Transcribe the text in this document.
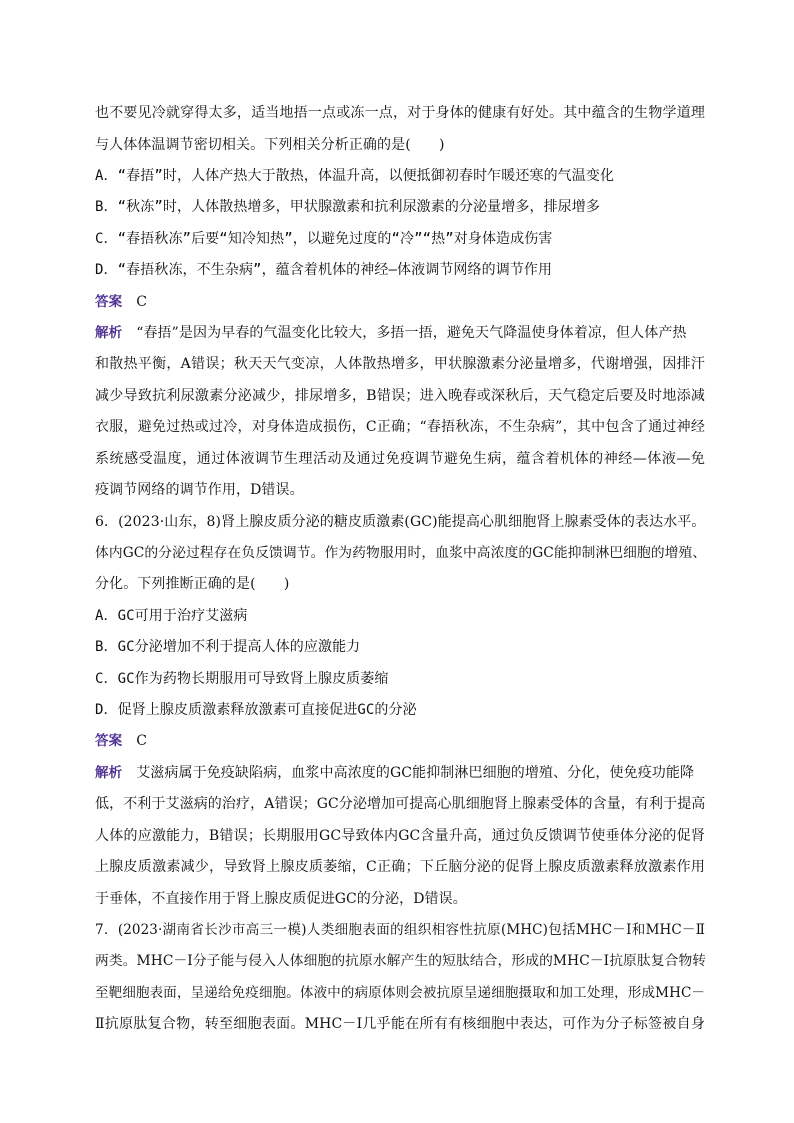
也不要见冷就穿得太多，适当地捂一点或冻一点，对于身体的健康有好处。其中蕴含的生物学道理
与人体体温调节密切相关。下列相关分析正确的是(　　)
A．“春捂”时，人体产热大于散热，体温升高，以便抵御初春时乍暖还寒的气温变化
B．“秋冻”时，人体散热增多，甲状腺激素和抗利尿激素的分泌量增多，排尿增多
C．“春捂秋冻”后要“知冷知热”，以避免过度的“冷”“热”对身体造成伤害
D．“春捂秋冻，不生杂病”，蕴含着机体的神经—体液调节网络的调节作用
答案 C
解析 “春捂”是因为早春的气温变化比较大，多捂一捂，避免天气降温使身体着凉，但人体产热
和散热平衡，A错误；秋天天气变凉，人体散热增多，甲状腺激素分泌量增多，代谢增强，因排汗
减少导致抗利尿激素分泌减少，排尿增多，B错误；进入晚春或深秋后，天气稳定后要及时地添减
衣服，避免过热或过冷，对身体造成损伤，C正确；“春捂秋冻，不生杂病”，其中包含了通过神经
系统感受温度，通过体液调节生理活动及通过免疫调节避免生病，蕴含着机体的神经—体液—免
疫调节网络的调节作用，D错误。
6．(2023·山东，8)肾上腺皮质分泌的糖皮质激素(GC)能提高心肌细胞肾上腺素受体的表达水平。
体内GC的分泌过程存在负反馈调节。作为药物服用时，血浆中高浓度的GC能抑制淋巴细胞的增殖、
分化。下列推断正确的是(　　)
A．GC可用于治疗艾滋病
B．GC分泌增加不利于提高人体的应激能力
C．GC作为药物长期服用可导致肾上腺皮质萎缩
D．促肾上腺皮质激素释放激素可直接促进GC的分泌
答案 C
解析 艾滋病属于免疫缺陷病，血浆中高浓度的GC能抑制淋巴细胞的增殖、分化，使免疫功能降
低，不利于艾滋病的治疗，A错误；GC分泌增加可提高心肌细胞肾上腺素受体的含量，有利于提高
人体的应激能力，B错误；长期服用GC导致体内GC含量升高，通过负反馈调节使垂体分泌的促肾
上腺皮质激素减少，导致肾上腺皮质萎缩，C正确；下丘脑分泌的促肾上腺皮质激素释放激素作用
于垂体，不直接作用于肾上腺皮质促进GC的分泌，D错误。
7．(2023·湖南省长沙市高三一模)人类细胞表面的组织相容性抗原(MHC)包括MHC－Ⅰ和MHC－Ⅱ
两类。MHC－Ⅰ分子能与侵入人体细胞的抗原水解产生的短肽结合，形成的MHC－Ⅰ抗原肽复合物转
至靶细胞表面，呈递给免疫细胞。体液中的病原体则会被抗原呈递细胞摄取和加工处理，形成MHC－
Ⅱ抗原肽复合物，转至细胞表面。MHC－Ⅰ几乎能在所有有核细胞中表达，可作为分子标签被自身
